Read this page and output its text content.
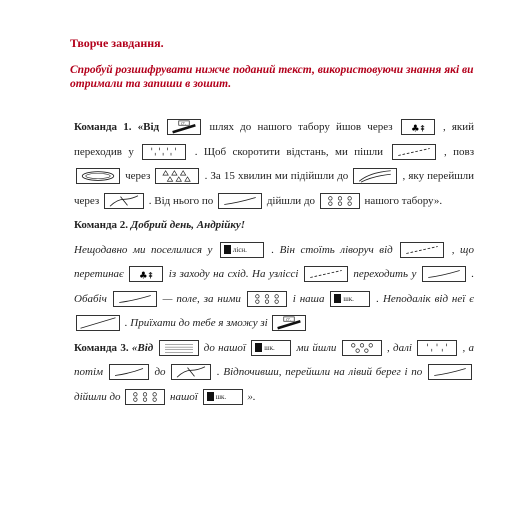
Творче завдання.

Спробуй розшифрувати нижче поданий текст, використовуючи знання які ви отримали та запиши в зошит.

Команда 1. «Від	ст. шлях до нашого табору йшов через ♣ ⇞ , який переходив у	. Щоб скоротити відстань, ми пішли	, повз
через	. За 15 хвилин ми підійшли до	, яку перейшли через	. Від нього по	дійшли до	нашого табору».

Команда 2. Добрий день, Андрійку!

Нещодавно ми поселилися у	лісн. . Він стоїть ліворуч від	, що перетинає ♣ ⇞ із заходу на схід. На узліссі	переходить у	. Обабіч	— поле, за ними	і наша	шк. . Неподалік від неї є
. Приїхати до тебе я зможу зі	ст.

Команда 3. «Від	до нашої	шк. ми йшли	, далі	, а потім	до	. Відпочивши, перейшли на лівий берег і по
дійшли до	нашої	шк. ».
